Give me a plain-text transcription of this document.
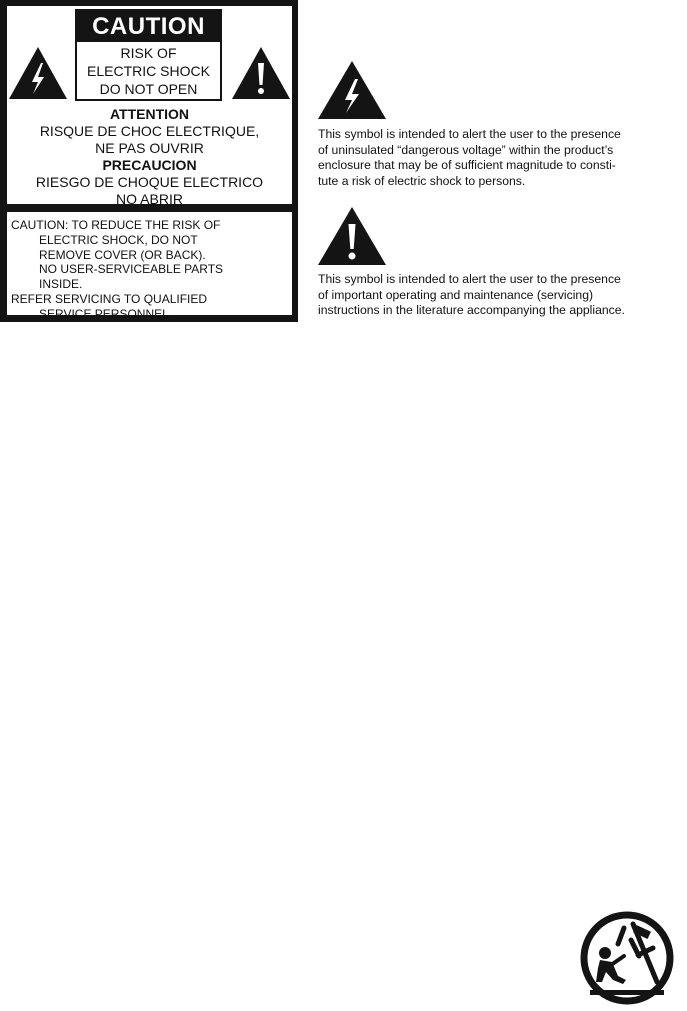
CAUTION
RISK OF
ELECTRIC SHOCK
DO NOT OPEN
ATTENTION
RISQUE DE CHOC ELECTRIQUE,
NE PAS OUVRIR
PRECAUCION
RIESGO DE CHOQUE ELECTRICO
NO ABRIR
CAUTION: TO REDUCE THE RISK OF
ELECTRIC SHOCK, DO NOT
REMOVE COVER (OR BACK).
NO USER-SERVICEABLE PARTS
INSIDE.
REFER SERVICING TO QUALIFIED
SERVICE PERSONNEL.
This symbol is intended to alert the user to the presence
of uninsulated “dangerous voltage” within the product’s
enclosure that may be of sufficient magnitude to consti-
tute a risk of electric shock to persons.
This symbol is intended to alert the user to the presence
of important operating and maintenance (servicing)
instructions in the literature accompanying the appliance.
